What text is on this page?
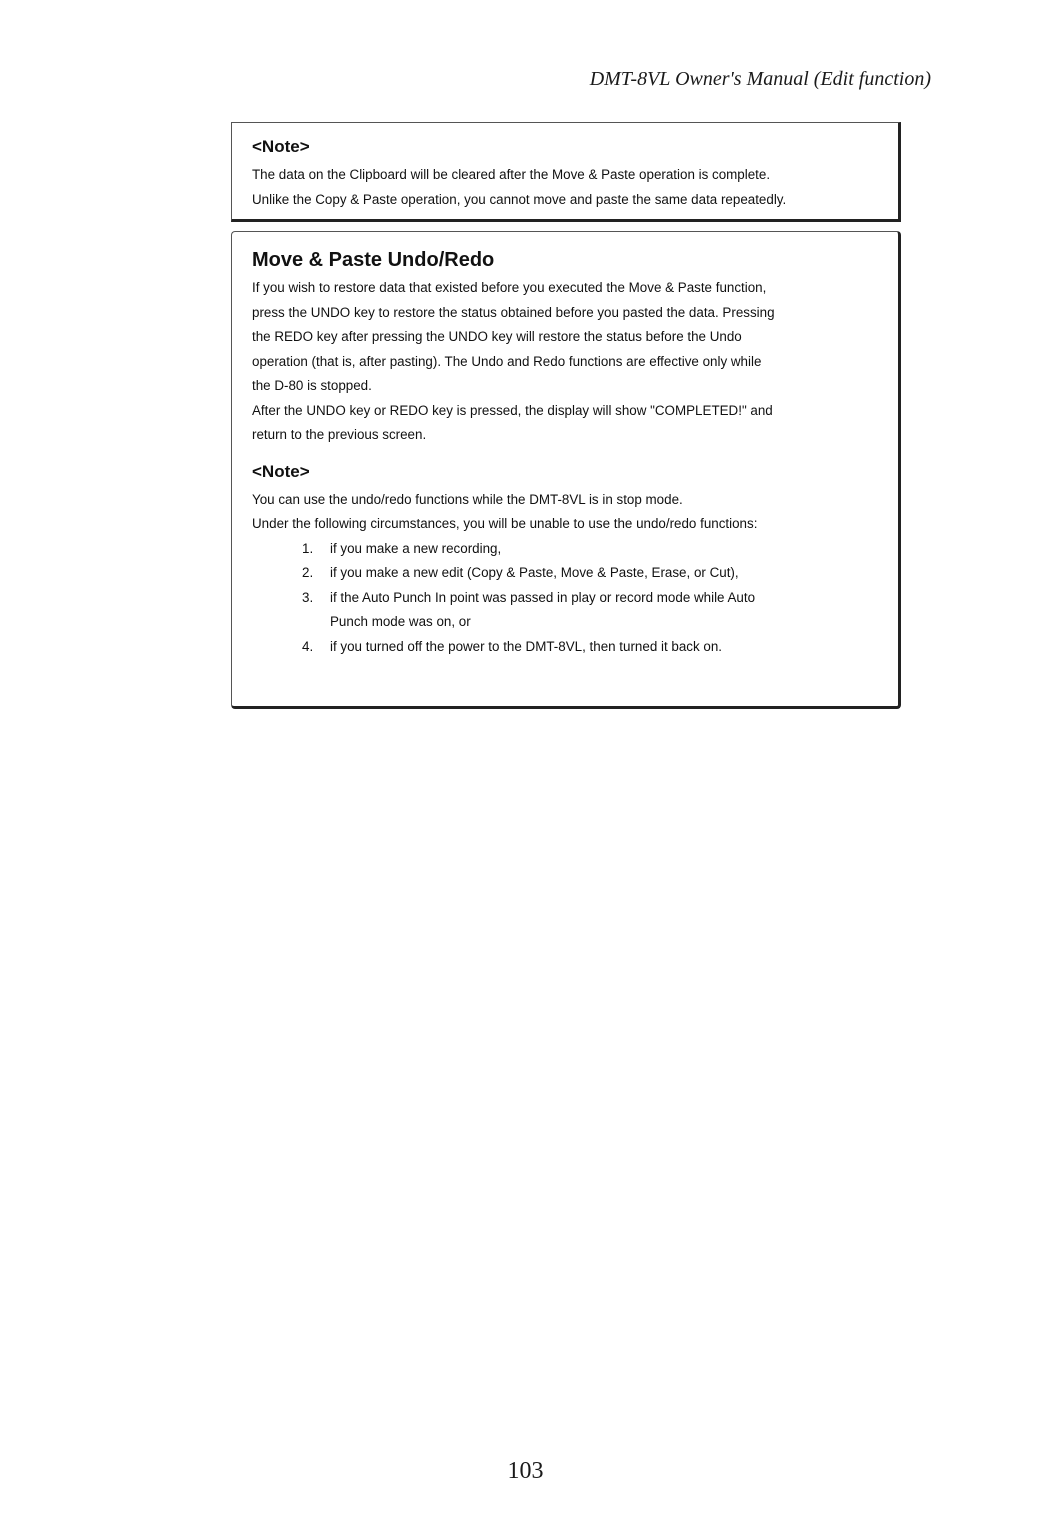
DMT-8VL Owner's Manual (Edit function)
<Note>

The data on the Clipboard will be cleared after the Move & Paste operation is complete.

Unlike the Copy & Paste operation, you cannot move and paste the same data repeatedly.

Move & Paste Undo/Redo

If you wish to restore data that existed before you executed the Move & Paste function,

press the UNDO key to restore the status obtained before you pasted the data. Pressing

the REDO key after pressing the UNDO key will restore the status before the Undo

operation (that is, after pasting). The Undo and Redo functions are effective only while

the D-80 is stopped.

After the UNDO key or REDO key is pressed, the display will show "COMPLETED!" and

return to the previous screen.

<Note>

You can use the undo/redo functions while the DMT-8VL is in stop mode.

Under the following circumstances, you will be unable to use the undo/redo functions:

1.	if you make a new recording,
2.	if you make a new edit (Copy & Paste, Move & Paste, Erase, or Cut),
3.	if the Auto Punch In point was passed in play or record mode while Auto
Punch mode was on, or
4.	if you turned off the power to the DMT-8VL, then turned it back on.
103
